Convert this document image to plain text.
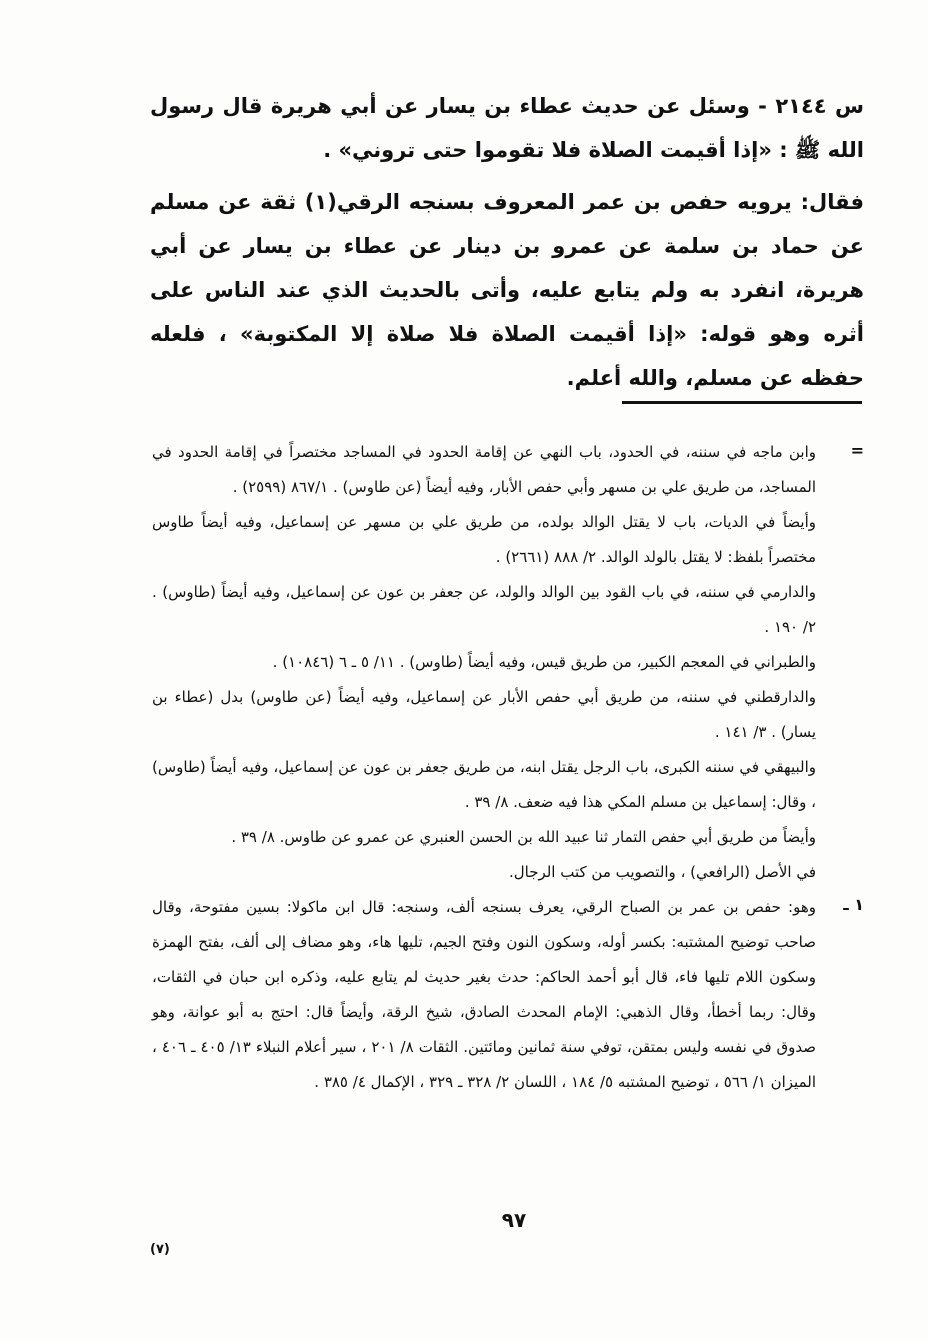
س ٢١٤٤ - وسئل عن حديث عطاء بن يسار عن أبي هريرة قال رسول الله ﷺ : «إذا أقيمت الصلاة فلا تقوموا حتى تروني» .

فقال: يرويه حفص بن عمر المعروف بسنجه الرقي(١) ثقة عن مسلم عن حماد بن سلمة عن عمرو بن دينار عن عطاء بن يسار عن أبي هريرة، انفرد به ولم يتابع عليه، وأتى بالحديث الذي عند الناس على أثره وهو قوله: «إذا أقيمت الصلاة فلا صلاة إلا المكتوبة» ، فلعله حفظه عن مسلم، والله أعلم.

=
١ ـ

وابن ماجه في سننه، في الحدود، باب النهي عن إقامة الحدود في المساجد مختصراً في إقامة الحدود في المساجد، من طريق علي بن مسهر وأبي حفص الأبار، وفيه أيضاً (عن طاوس) . ٨٦٧/١ (٢٥٩٩) .

وأيضاً في الديات، باب لا يقتل الوالد بولده، من طريق علي بن مسهر عن إسماعيل، وفيه أيضاً طاوس مختصراً بلفظ: لا يقتل بالولد الوالد. ٢/ ٨٨٨ (٢٦٦١) .

والدارمي في سننه، في باب القود بين الوالد والولد، عن جعفر بن عون عن إسماعيل، وفيه أيضاً (طاوس) . ٢/ ١٩٠ .

والطبراني في المعجم الكبير، من طريق قيس، وفيه أيضاً (طاوس) . ١١/ ٥ ـ ٦ (١٠٨٤٦) .

والدارقطني في سننه، من طريق أبي حفص الأبار عن إسماعيل، وفيه أيضاً (عن طاوس) بدل (عطاء بن يسار) . ٣/ ١٤١ .

والبيهقي في سننه الكبرى، باب الرجل يقتل ابنه، من طريق جعفر بن عون عن إسماعيل، وفيه أيضاً (طاوس) ، وقال: إسماعيل بن مسلم المكي هذا فيه ضعف. ٨/ ٣٩ .

وأيضاً من طريق أبي حفص التمار ثنا عبيد الله بن الحسن العنبري عن عمرو عن طاوس. ٨/ ٣٩ .

في الأصل (الرافعي) ، والتصويب من كتب الرجال.

وهو: حفص بن عمر بن الصباح الرقي، يعرف بسنجه ألف، وسنجه: قال ابن ماكولا: بسين مفتوحة، وقال صاحب توضيح المشتبه: بكسر أوله، وسكون النون وفتح الجيم، تليها هاء، وهو مضاف إلى ألف، بفتح الهمزة وسكون اللام تليها فاء، قال أبو أحمد الحاكم: حدث بغير حديث لم يتابع عليه، وذكره ابن حبان في الثقات، وقال: ربما أخطأ، وقال الذهبي: الإمام المحدث الصادق، شيخ الرقة، وأيضاً قال: احتج به أبو عوانة، وهو صدوق في نفسه وليس بمتقن، توفي سنة ثمانين ومائتين. الثقات ٨/ ٢٠١ ، سير أعلام النبلاء ١٣/ ٤٠٥ ـ ٤٠٦ ، الميزان ١/ ٥٦٦ ، توضيح المشتبه ٥/ ١٨٤ ، اللسان ٢/ ٣٢٨ ـ ٣٢٩ ، الإكمال ٤/ ٣٨٥ .

٩٧
(٧)
